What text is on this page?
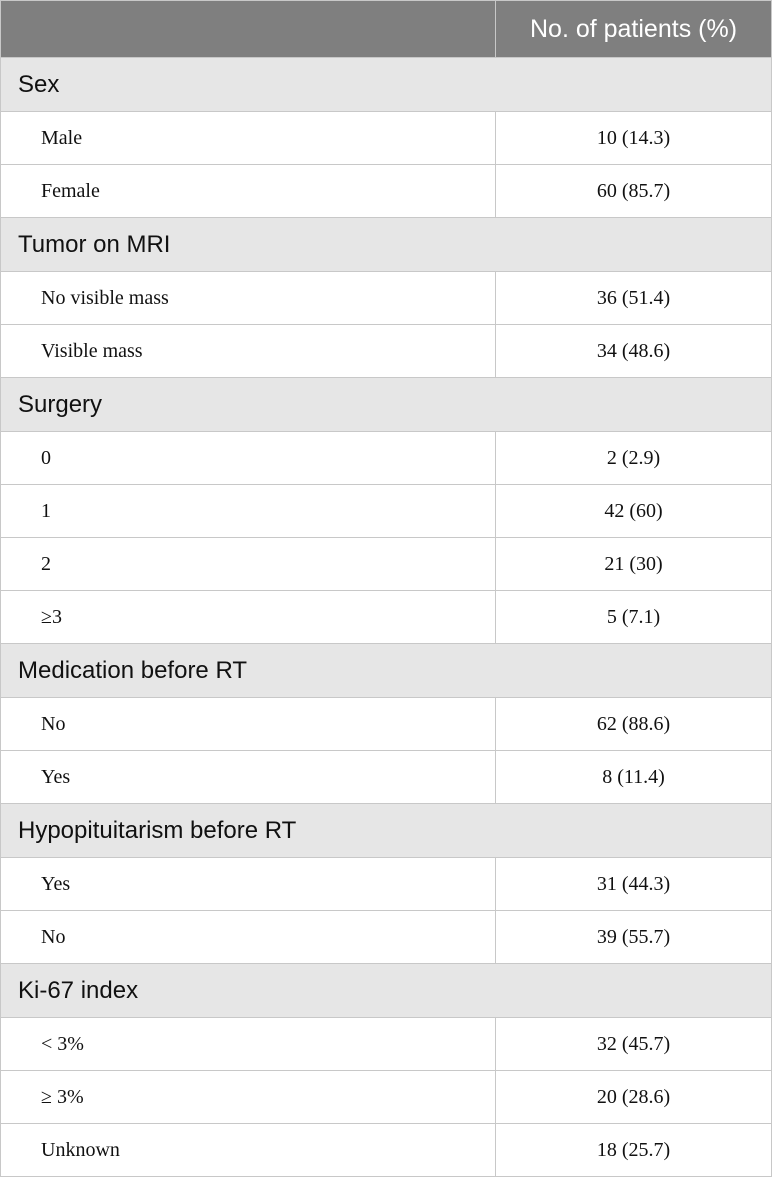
	No. of patients (%)
Sex	
Male	10 (14.3)
Female	60 (85.7)
Tumor on MRI	
No visible mass	36 (51.4)
Visible mass	34 (48.6)
Surgery	
0	2 (2.9)
1	42 (60)
2	21 (30)
≥3	5 (7.1)
Medication before RT	
No	62 (88.6)
Yes	8 (11.4)
Hypopituitarism before RT	
Yes	31 (44.3)
No	39 (55.7)
Ki-67 index	
< 3%	32 (45.7)
≥ 3%	20 (28.6)
Unknown	18 (25.7)
